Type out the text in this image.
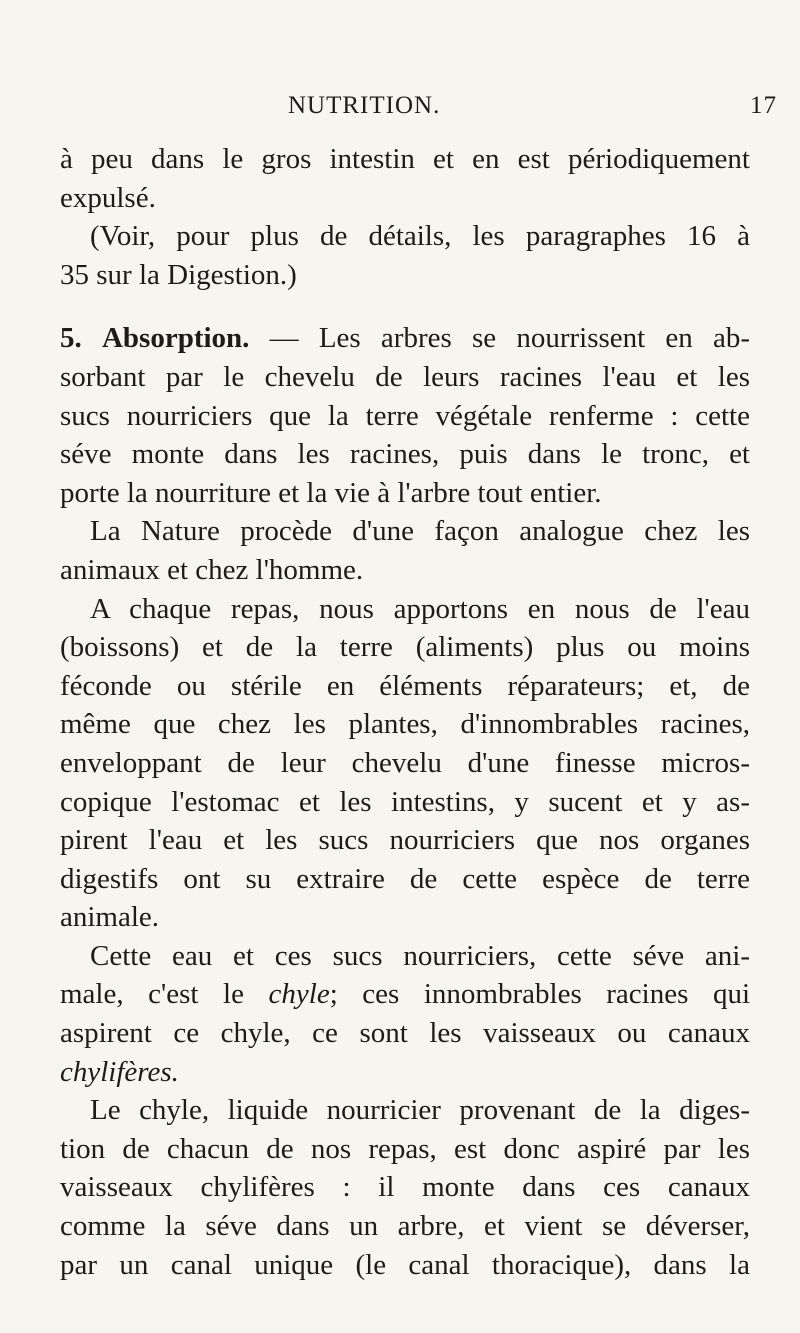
NUTRITION.	17
à peu dans le gros intestin et en est périodiquement
expulsé.
(Voir, pour plus de détails, les paragraphes 16 à
35 sur la Digestion.)
5. Absorption. — Les arbres se nourrissent en ab-
sorbant par le chevelu de leurs racines l'eau et les
sucs nourriciers que la terre végétale renferme : cette
séve monte dans les racines, puis dans le tronc, et
porte la nourriture et la vie à l'arbre tout entier.
La Nature procède d'une façon analogue chez les
animaux et chez l'homme.
A chaque repas, nous apportons en nous de l'eau
(boissons) et de la terre (aliments) plus ou moins
féconde ou stérile en éléments réparateurs; et, de
même que chez les plantes, d'innombrables racines,
enveloppant de leur chevelu d'une finesse micros-
copique l'estomac et les intestins, y sucent et y as-
pirent l'eau et les sucs nourriciers que nos organes
digestifs ont su extraire de cette espèce de terre
animale.
Cette eau et ces sucs nourriciers, cette séve ani-
male, c'est le chyle; ces innombrables racines qui
aspirent ce chyle, ce sont les vaisseaux ou canaux
chylifères.
Le chyle, liquide nourricier provenant de la diges-
tion de chacun de nos repas, est donc aspiré par les
vaisseaux chylifères : il monte dans ces canaux
comme la séve dans un arbre, et vient se déverser,
par un canal unique (le canal thoracique), dans la
